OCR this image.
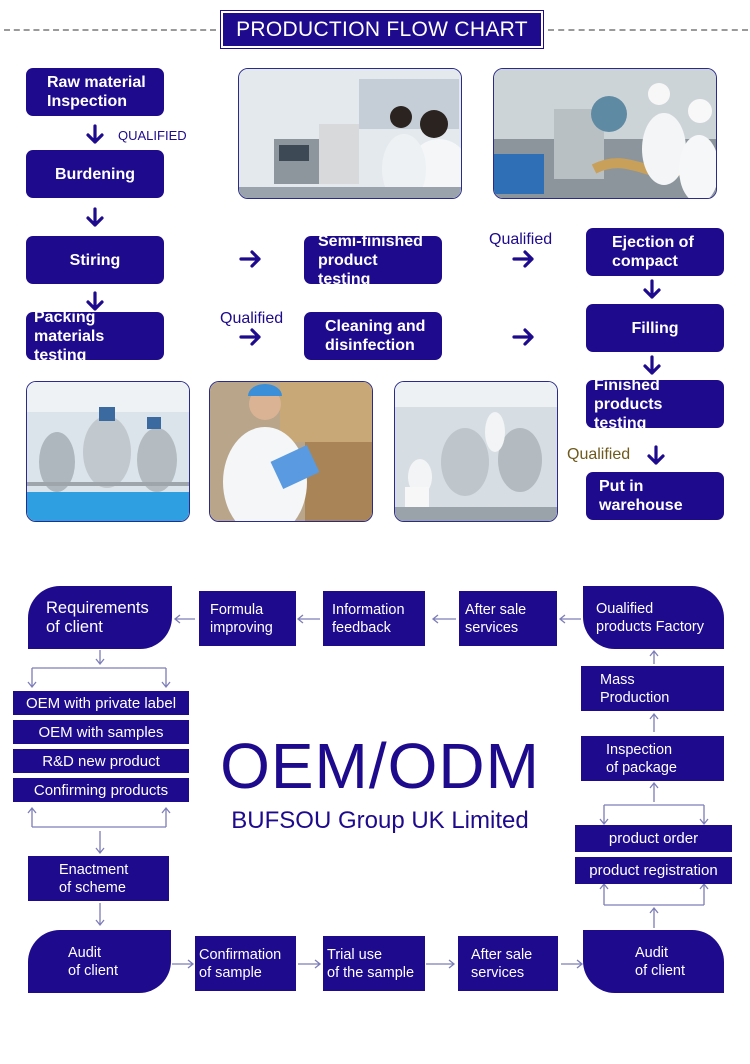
PRODUCTION FLOW CHART
Raw material
Inspection
QUALIFIED
Burdening
Stiring
Packing
materials testing
Semi-finished
product testing
Cleaning and
disinfection
Qualified
Qualified	Ejection of
compact
Filling
Finished
products testing
Qualified
Put in
warehouse
Requirements
of client
Formula
improving
Information
feedback
After sale
services
Oualified
products Factory
Mass
Production
Inspection
of package
OEM with private label
OEM with samples
R&D new product
Confirming products
product order
product registration
Enactment
of scheme
Audit
of client
Confirmation
of sample
Trial use
of the sample
After sale
services
Audit
of client
OEM/ODM
BUFSOU Group UK Limited
